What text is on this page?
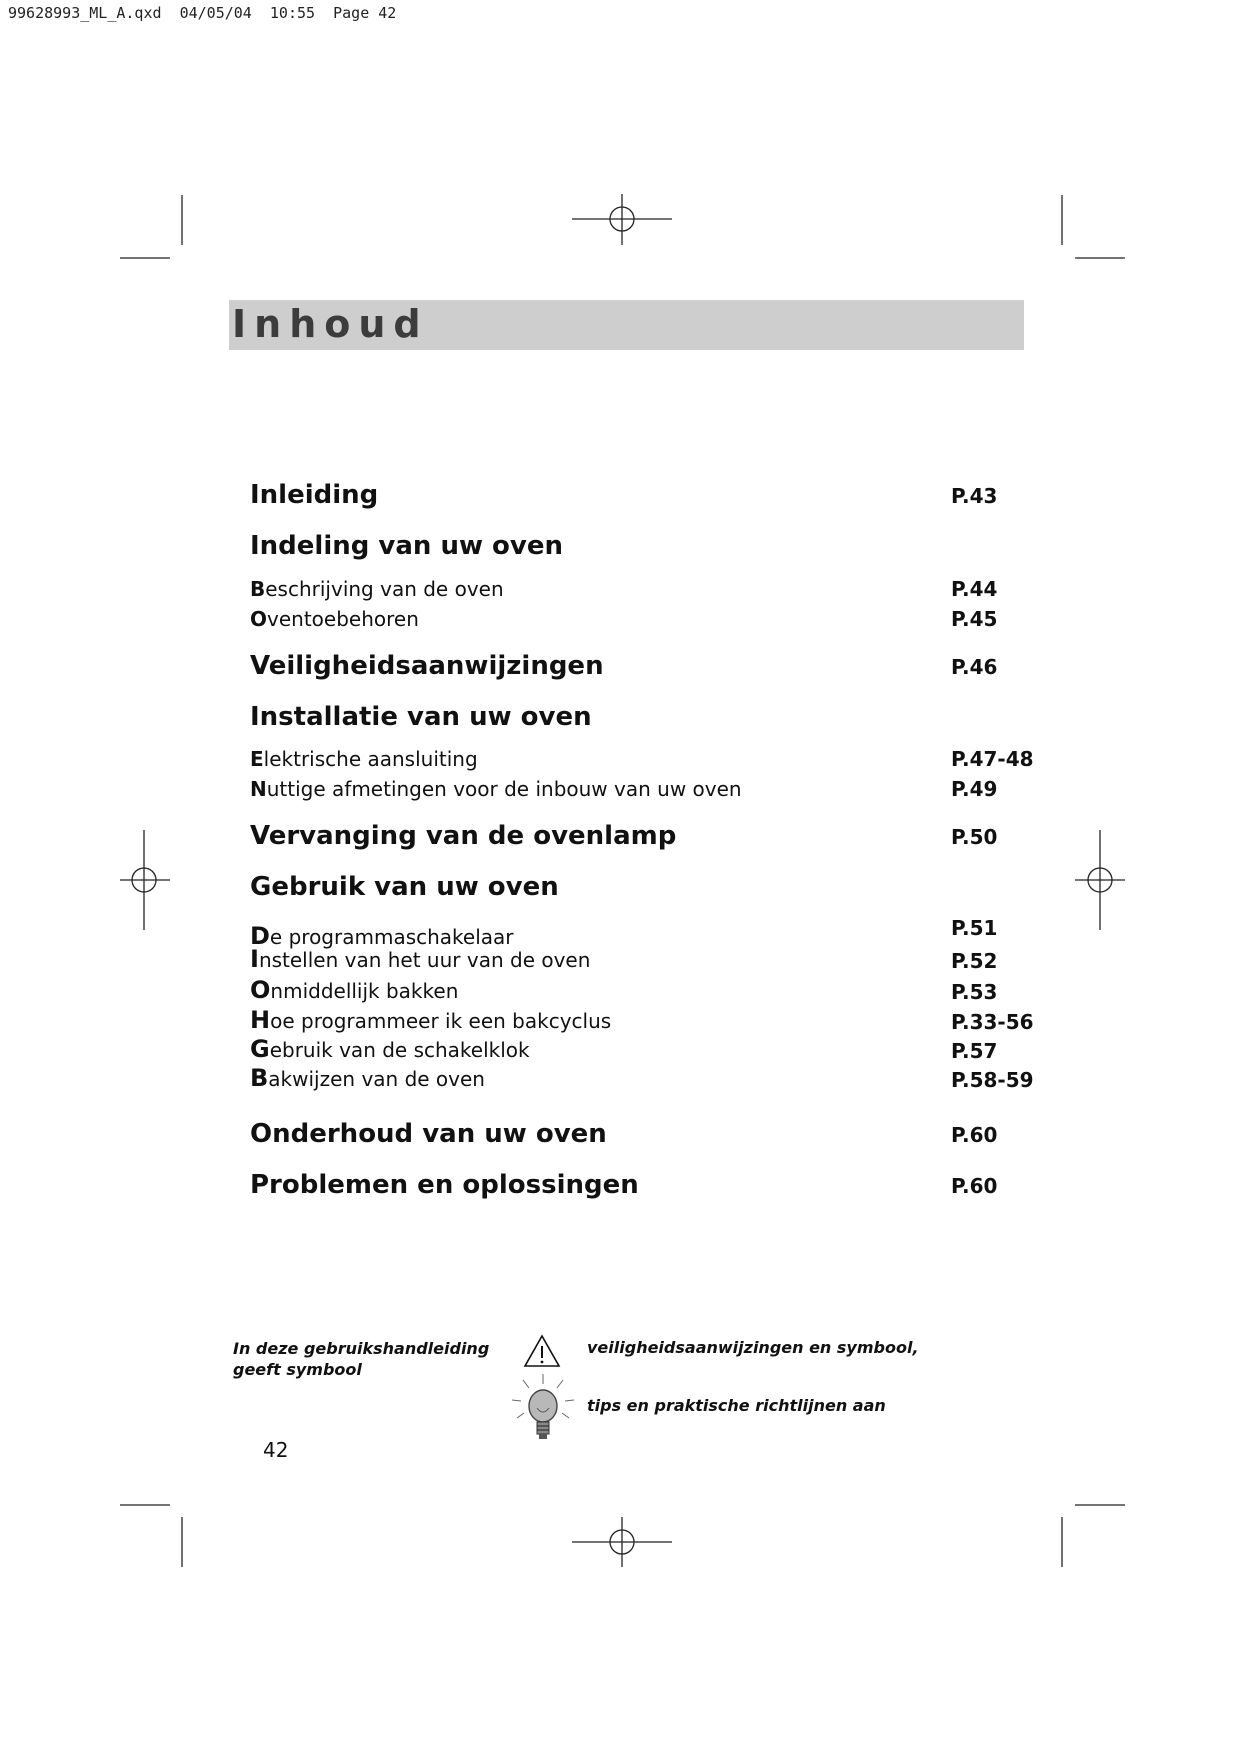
99628993_ML_A.qxd  04/05/04  10:55  Page 42
Inhoud
Inleiding	P.43
Indeling van uw oven
Beschrijving van de oven	P.44
Oventoebehoren	P.45
Veiligheidsaanwijzingen	P.46
Installatie van uw oven
Elektrische aansluiting	P.47-48
Nuttige afmetingen voor de inbouw van uw oven	P.49
Vervanging van de ovenlamp	P.50
Gebruik van uw oven
De programmaschakelaar	P.51
Instellen van het uur van de oven	P.52
Onmiddellijk bakken	P.53
Hoe programmeer ik een bakcyclus	P.33-56
Gebruik van de schakelklok	P.57
Bakwijzen van de oven	P.58-59
Onderhoud van uw oven	P.60
Problemen en oplossingen	P.60
In deze gebruikshandleiding
geeft symbool
veiligheidsaanwijzingen en symbool,
tips en praktische richtlijnen aan
42
